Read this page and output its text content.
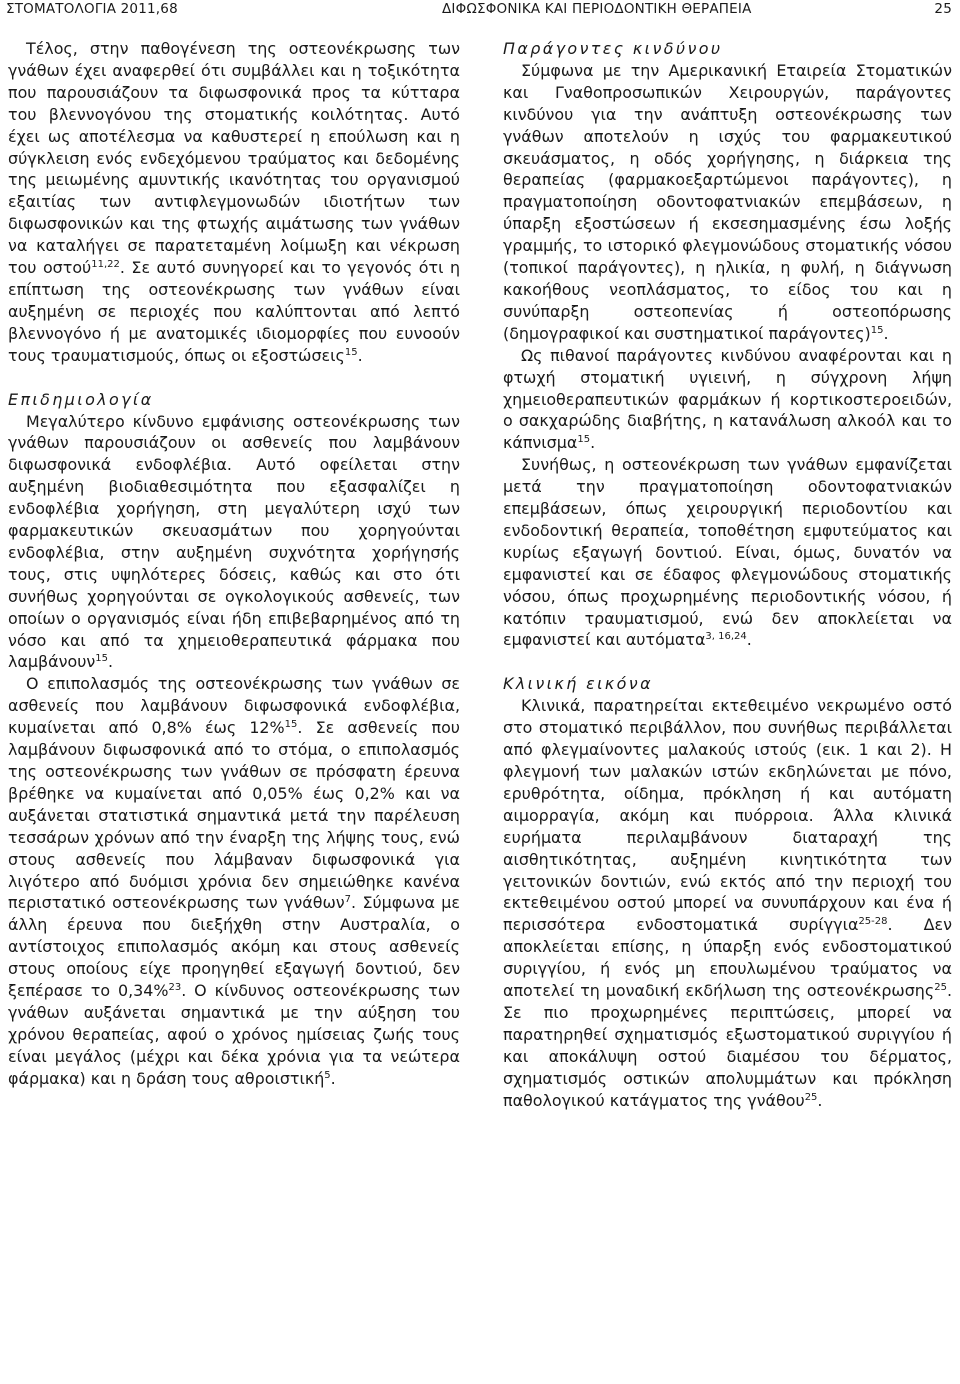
ΣΤΟΜΑΤΟΛΟΓΙΑ 2011,68	ΔΙΦΩΣΦΟΝΙΚΑ ΚΑΙ ΠΕΡΙΟΔΟΝΤΙΚΗ ΘΕΡΑΠΕΙΑ	25

Τέλος, στην παθογένεση της οστεονέκρωσης των γνάθων έχει αναφερθεί ότι συμβάλλει και η τοξικότητα που παρουσιάζουν τα διφωσφονικά προς τα κύτταρα του βλεννογόνου της στοματικής κοιλότητας. Αυτό έχει ως αποτέλεσμα να καθυστερεί η επούλωση και η σύγκλειση ενός ενδεχόμενου τραύματος και δεδομένης της μειωμένης αμυντικής ικανότητας του οργανισμού εξαιτίας των αντιφλεγμονωδών ιδιοτήτων των διφωσφονικών και της φτωχής αιμάτωσης των γνάθων να καταλήγει σε παρατεταμένη λοίμωξη και νέκρωση του οστού$^{11,22}$. Σε αυτό συνηγορεί και το γεγονός ότι η επίπτωση της οστεονέκρωσης των γνάθων είναι αυξημένη σε περιοχές που καλύπτονται από λεπτό βλεννογόνο ή με ανατομικές ιδιομορφίες που ευνοούν τους τραυματισμούς, όπως οι εξοστώσεις$^{15}$.

Επιδημιολογία

Μεγαλύτερο κίνδυνο εμφάνισης οστεονέκρωσης των γνάθων παρουσιάζουν οι ασθενείς που λαμβάνουν διφωσφονικά ενδοφλέβια. Αυτό οφείλεται στην αυξημένη βιοδιαθεσιμότητα που εξασφαλίζει η ενδοφλέβια χορήγηση, στη μεγαλύτερη ισχύ των φαρμακευτικών σκευασμάτων που χορηγούνται ενδοφλέβια, στην αυξημένη συχνότητα χορήγησής τους, στις υψηλότερες δόσεις, καθώς και στο ότι συνήθως χορηγούνται σε ογκολογικούς ασθενείς, των οποίων ο οργανισμός είναι ήδη επιβεβαρημένος από τη νόσο και από τα χημειοθεραπευτικά φάρμακα που λαμβάνουν$^{15}$.

Ο επιπολασμός της οστεονέκρωσης των γνάθων σε ασθενείς που λαμβάνουν διφωσφονικά ενδοφλέβια, κυμαίνεται από 0,8% έως 12%$^{15}$. Σε ασθενείς που λαμβάνουν διφωσφονικά από το στόμα, ο επιπολασμός της οστεονέκρωσης των γνάθων σε πρόσφατη έρευνα βρέθηκε να κυμαίνεται από 0,05% έως 0,2% και να αυξάνεται στατιστικά σημαντικά μετά την παρέλευση τεσσάρων χρόνων από την έναρξη της λήψης τους, ενώ στους ασθενείς που λάμβαναν διφωσφονικά για λιγότερο από δυόμισι χρόνια δεν σημειώθηκε κανένα περιστατικό οστεονέκρωσης των γνάθων$^7$. Σύμφωνα με άλλη έρευνα που διεξήχθη στην Αυστραλία, ο αντίστοιχος επιπολασμός ακόμη και στους ασθενείς στους οποίους είχε προηγηθεί εξαγωγή δοντιού, δεν ξεπέρασε το 0,34%$^{23}$. Ο κίνδυνος οστεονέκρωσης των γνάθων αυξάνεται σημαντικά με την αύξηση του χρόνου θεραπείας, αφού ο χρόνος ημίσειας ζωής τους είναι μεγάλος (μέχρι και δέκα χρόνια για τα νεώτερα φάρμακα) και η δράση τους αθροιστική$^5$.

Παράγοντες κινδύνου

Σύμφωνα με την Αμερικανική Εταιρεία Στοματικών και Γναθοπροσωπικών Χειρουργών, παράγοντες κινδύνου για την ανάπτυξη οστεονέκρωσης των γνάθων αποτελούν η ισχύς του φαρμακευτικού σκευάσματος, η οδός χορήγησης, η διάρκεια της θεραπείας (φαρμακοεξαρτώμενοι παράγοντες), η πραγματοποίηση οδοντοφατνιακών επεμβάσεων, η ύπαρξη εξοστώσεων ή εκσεσημασμένης έσω λοξής γραμμής, το ιστορικό φλεγμονώδους στοματικής νόσου (τοπικοί παράγοντες), η ηλικία, η φυλή, η διάγνωση κακοήθους νεοπλάσματος, το είδος του και η συνύπαρξη οστεοπενίας ή οστεοπόρωσης (δημογραφικοί και συστηματικοί παράγοντες)$^{15}$.

Ως πιθανοί παράγοντες κινδύνου αναφέρονται και η φτωχή στοματική υγιεινή, η σύγχρονη λήψη χημειοθεραπευτικών φαρμάκων ή κορτικοστεροειδών, ο σακχαρώδης διαβήτης, η κατανάλωση αλκοόλ και το κάπνισμα$^{15}$.

Συνήθως, η οστεονέκρωση των γνάθων εμφανίζεται μετά την πραγματοποίηση οδοντοφατνιακών επεμβάσεων, όπως χειρουργική περιοδοντίου και ενδοδοντική θεραπεία, τοποθέτηση εμφυτεύματος και κυρίως εξαγωγή δοντιού. Είναι, όμως, δυνατόν να εμφανιστεί και σε έδαφος φλεγμονώδους στοματικής νόσου, όπως προχωρημένης περιοδοντικής νόσου, ή κατόπιν τραυματισμού, ενώ δεν αποκλείεται να εμφανιστεί και αυτόματα$^{3, 16,24}$.

Κλινική εικόνα

Κλινικά, παρατηρείται εκτεθειμένο νεκρωμένο οστό στο στοματικό περιβάλλον, που συνήθως περιβάλλεται από φλεγμαίνοντες μαλακούς ιστούς (εικ. 1 και 2). Η φλεγμονή των μαλακών ιστών εκδηλώνεται με πόνο, ερυθρότητα, οίδημα, πρόκληση ή και αυτόματη αιμορραγία, ακόμη και πυόρροια. Άλλα κλινικά ευρήματα περιλαμβάνουν διαταραχή της αισθητικότητας, αυξημένη κινητικότητα των γειτονικών δοντιών, ενώ εκτός από την περιοχή του εκτεθειμένου οστού μπορεί να συνυπάρχουν και ένα ή περισσότερα ενδοστοματικά συρίγγια$^{25-28}$. Δεν αποκλείεται επίσης, η ύπαρξη ενός ενδοστοματικού συριγγίου, ή ενός μη επουλωμένου τραύματος να αποτελεί τη μοναδική εκδήλωση της οστεονέκρωσης$^{25}$. Σε πιο προχωρημένες περιπτώσεις, μπορεί να παρατηρηθεί σχηματισμός εξωστοματικού συριγγίου ή και αποκάλυψη οστού διαμέσου του δέρματος, σχηματισμός οστικών απολυμμάτων και πρόκληση παθολογικού κατάγματος της γνάθου$^{25}$.
